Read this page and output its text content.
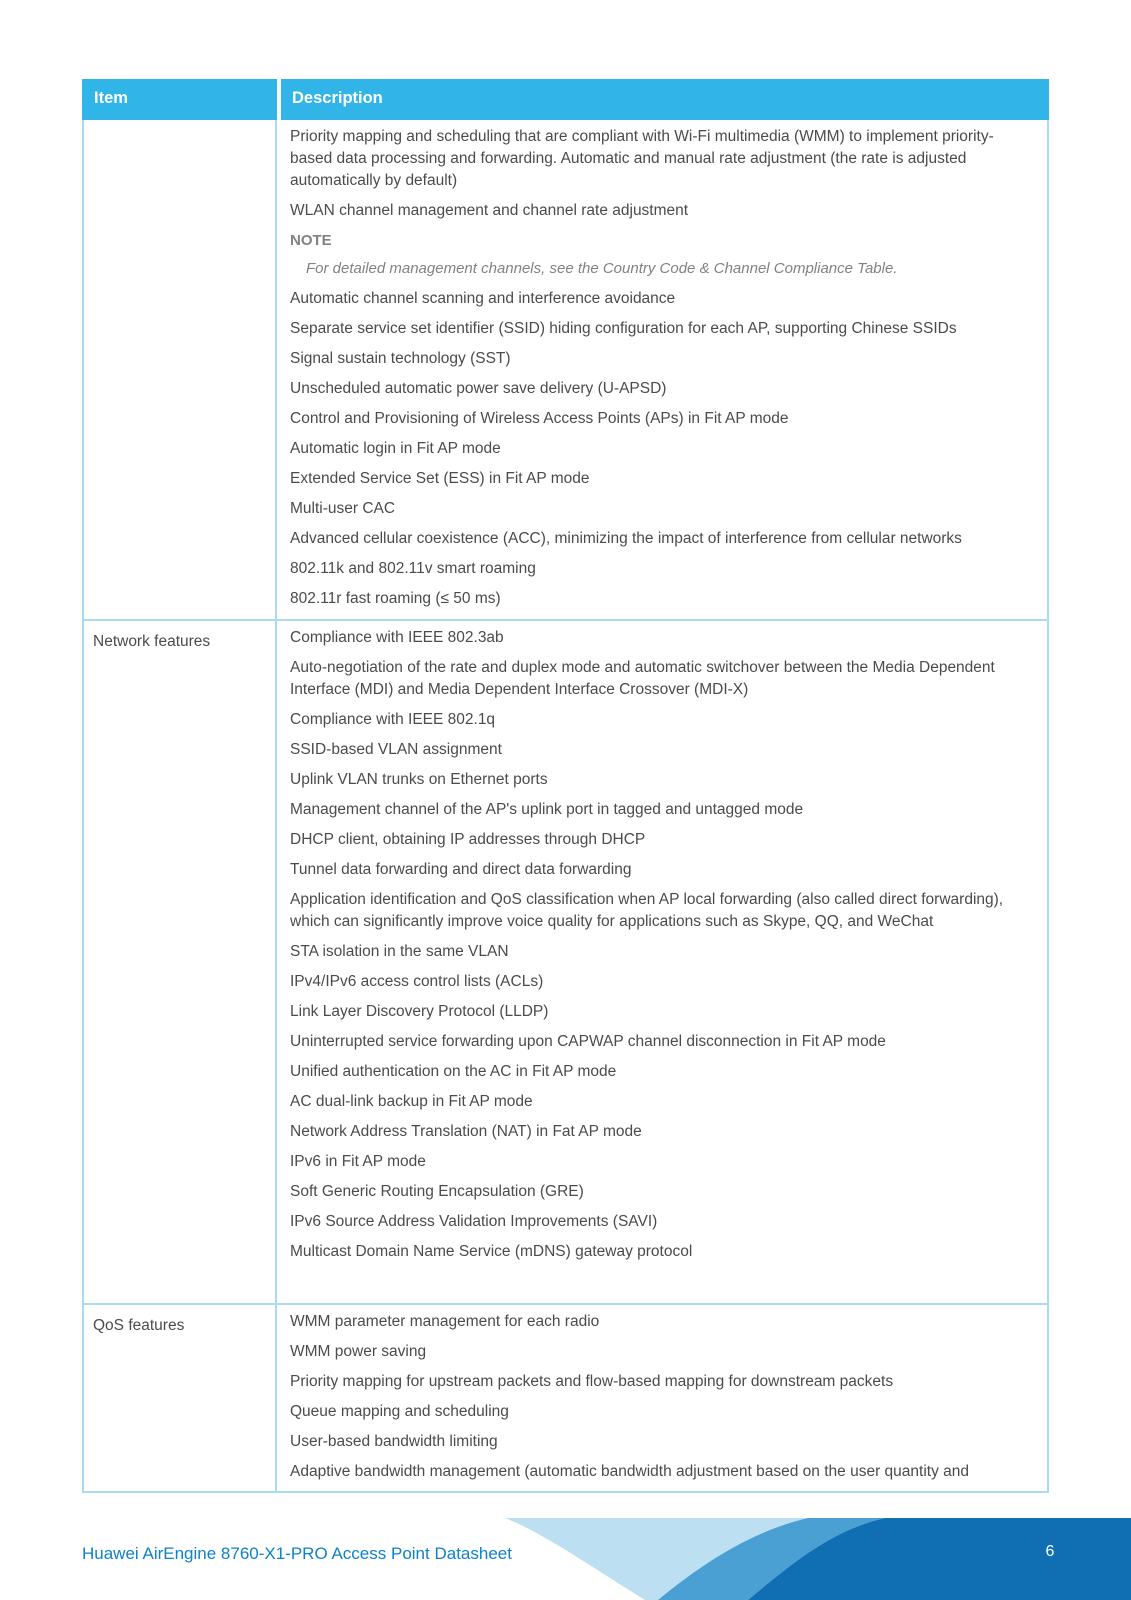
Item	Description
Priority mapping and scheduling that are compliant with Wi-Fi multimedia (WMM) to implement priority-based data processing and forwarding. Automatic and manual rate adjustment (the rate is adjusted automatically by default)
WLAN channel management and channel rate adjustment
NOTE
For detailed management channels, see the Country Code & Channel Compliance Table.
Automatic channel scanning and interference avoidance
Separate service set identifier (SSID) hiding configuration for each AP, supporting Chinese SSIDs
Signal sustain technology (SST)
Unscheduled automatic power save delivery (U-APSD)
Control and Provisioning of Wireless Access Points (APs) in Fit AP mode
Automatic login in Fit AP mode
Extended Service Set (ESS) in Fit AP mode
Multi-user CAC
Advanced cellular coexistence (ACC), minimizing the impact of interference from cellular networks
802.11k and 802.11v smart roaming
802.11r fast roaming (≤ 50 ms)
Network features	Compliance with IEEE 802.3ab
Auto-negotiation of the rate and duplex mode and automatic switchover between the Media Dependent Interface (MDI) and Media Dependent Interface Crossover (MDI-X)
Compliance with IEEE 802.1q
SSID-based VLAN assignment
Uplink VLAN trunks on Ethernet ports
Management channel of the AP's uplink port in tagged and untagged mode
DHCP client, obtaining IP addresses through DHCP
Tunnel data forwarding and direct data forwarding
Application identification and QoS classification when AP local forwarding (also called direct forwarding), which can significantly improve voice quality for applications such as Skype, QQ, and WeChat
STA isolation in the same VLAN
IPv4/IPv6 access control lists (ACLs)
Link Layer Discovery Protocol (LLDP)
Uninterrupted service forwarding upon CAPWAP channel disconnection in Fit AP mode
Unified authentication on the AC in Fit AP mode
AC dual-link backup in Fit AP mode
Network Address Translation (NAT) in Fat AP mode
IPv6 in Fit AP mode
Soft Generic Routing Encapsulation (GRE)
IPv6 Source Address Validation Improvements (SAVI)
Multicast Domain Name Service (mDNS) gateway protocol
QoS features	WMM parameter management for each radio
WMM power saving
Priority mapping for upstream packets and flow-based mapping for downstream packets
Queue mapping and scheduling
User-based bandwidth limiting
Adaptive bandwidth management (automatic bandwidth adjustment based on the user quantity and
Huawei AirEngine 8760-X1-PRO Access Point Datasheet	6
